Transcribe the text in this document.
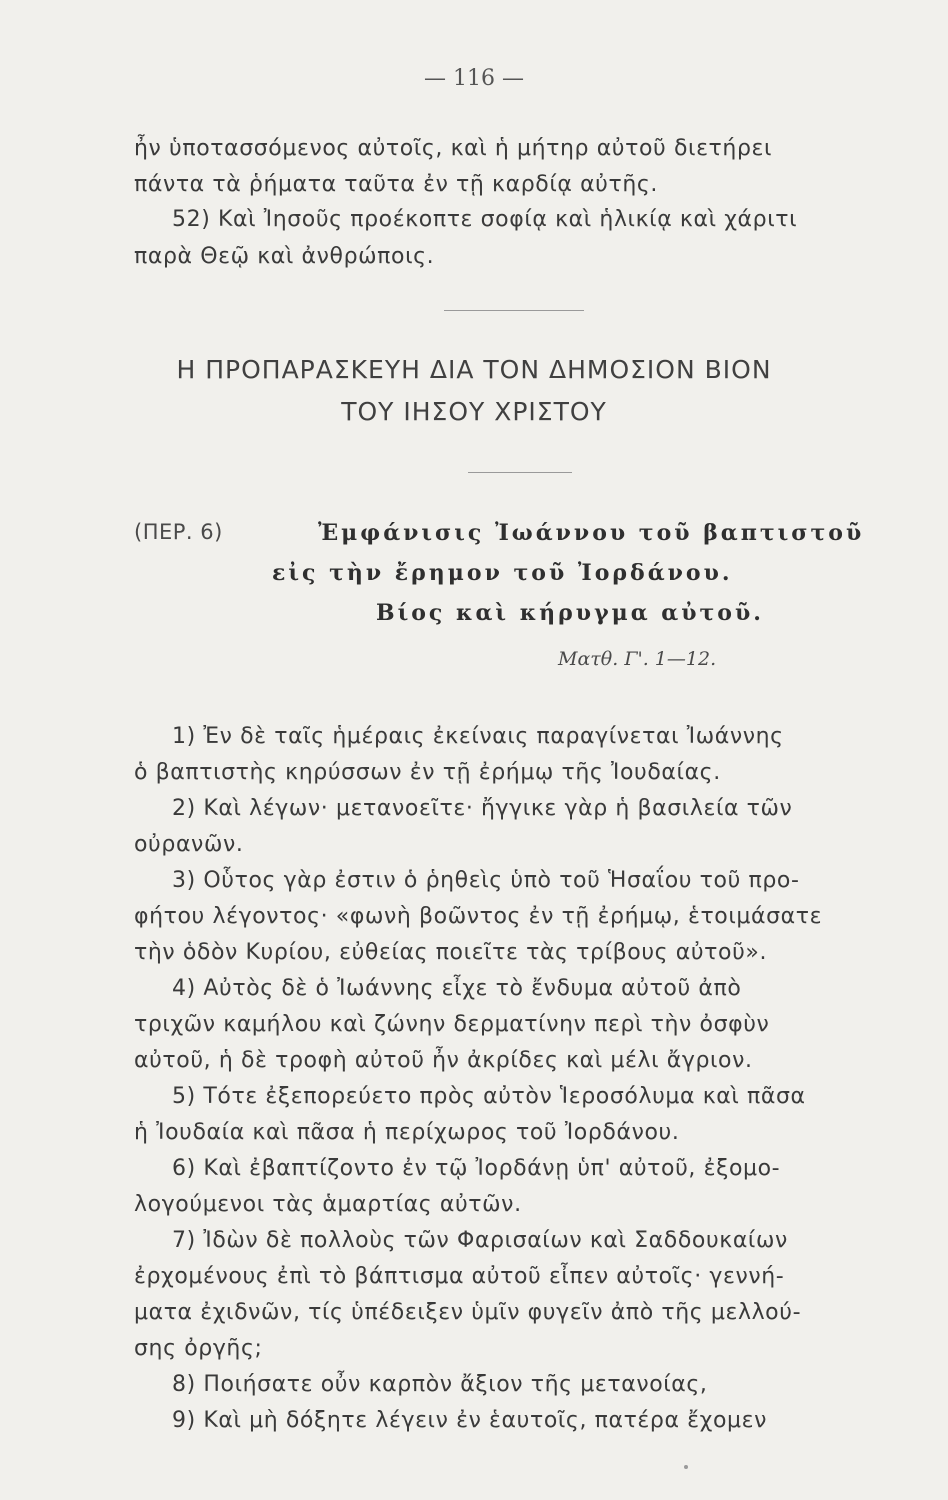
— 116 —
ἦν ὑποτασσόμενος αὐτοῖς, καὶ ἡ μήτηρ αὐτοῦ διετήρει
πάντα τὰ ῥήματα ταῦτα ἐν τῇ καρδίᾳ αὐτῆς.
52) Καὶ Ἰησοῦς προέκοπτε σοφίᾳ καὶ ἡλικίᾳ καὶ χάριτι
παρὰ Θεῷ καὶ ἀνθρώποις.
Η ΠΡΟΠΑΡΑΣΚΕΥΗ ΔΙΑ ΤΟΝ ΔΗΜΟΣΙΟΝ ΒΙΟΝ
ΤΟΥ ΙΗΣΟΥ ΧΡΙΣΤΟΥ
(ΠΕΡ. 6)	Ἐμφάνισις Ἰωάννου τοῦ βαπτιστοῦ
εἰς τὴν ἔρημον τοῦ Ἰορδάνου.
Βίος καὶ κήρυγμα αὐτοῦ.
Ματθ. Γ'. 1—12.
1) Ἐν δὲ ταῖς ἡμέραις ἐκείναις παραγίνεται Ἰωάννης
ὁ βαπτιστὴς κηρύσσων ἐν τῇ ἐρήμῳ τῆς Ἰουδαίας.
2) Καὶ λέγων· μετανοεῖτε· ἤγγικε γὰρ ἡ βασιλεία τῶν
οὐρανῶν.
3) Οὗτος γὰρ ἐστιν ὁ ῥηθεὶς ὑπὸ τοῦ Ἡσαΐου τοῦ προ-
φήτου λέγοντος· «φωνὴ βοῶντος ἐν τῇ ἐρήμῳ, ἑτοιμάσατε
τὴν ὁδὸν Κυρίου, εὐθείας ποιεῖτε τὰς τρίβους αὐτοῦ».
4) Αὐτὸς δὲ ὁ Ἰωάννης εἶχε τὸ ἔνδυμα αὐτοῦ ἀπὸ
τριχῶν καμήλου καὶ ζώνην δερματίνην περὶ τὴν ὀσφὺν
αὐτοῦ, ἡ δὲ τροφὴ αὐτοῦ ἦν ἀκρίδες καὶ μέλι ἄγριον.
5) Τότε ἐξεπορεύετο πρὸς αὐτὸν Ἱεροσόλυμα καὶ πᾶσα
ἡ Ἰουδαία καὶ πᾶσα ἡ περίχωρος τοῦ Ἰορδάνου.
6) Καὶ ἐβαπτίζοντο ἐν τῷ Ἰορδάνῃ ὑπ' αὐτοῦ, ἐξομο-
λογούμενοι τὰς ἁμαρτίας αὐτῶν.
7) Ἰδὼν δὲ πολλοὺς τῶν Φαρισαίων καὶ Σαδδουκαίων
ἐρχομένους ἐπὶ τὸ βάπτισμα αὐτοῦ εἶπεν αὐτοῖς· γεννή-
ματα ἐχιδνῶν, τίς ὑπέδειξεν ὑμῖν φυγεῖν ἀπὸ τῆς μελλού-
σης ὀργῆς;
8) Ποιήσατε οὖν καρπὸν ἄξιον τῆς μετανοίας,
9) Καὶ μὴ δόξητε λέγειν ἐν ἑαυτοῖς, πατέρα ἔχομεν
